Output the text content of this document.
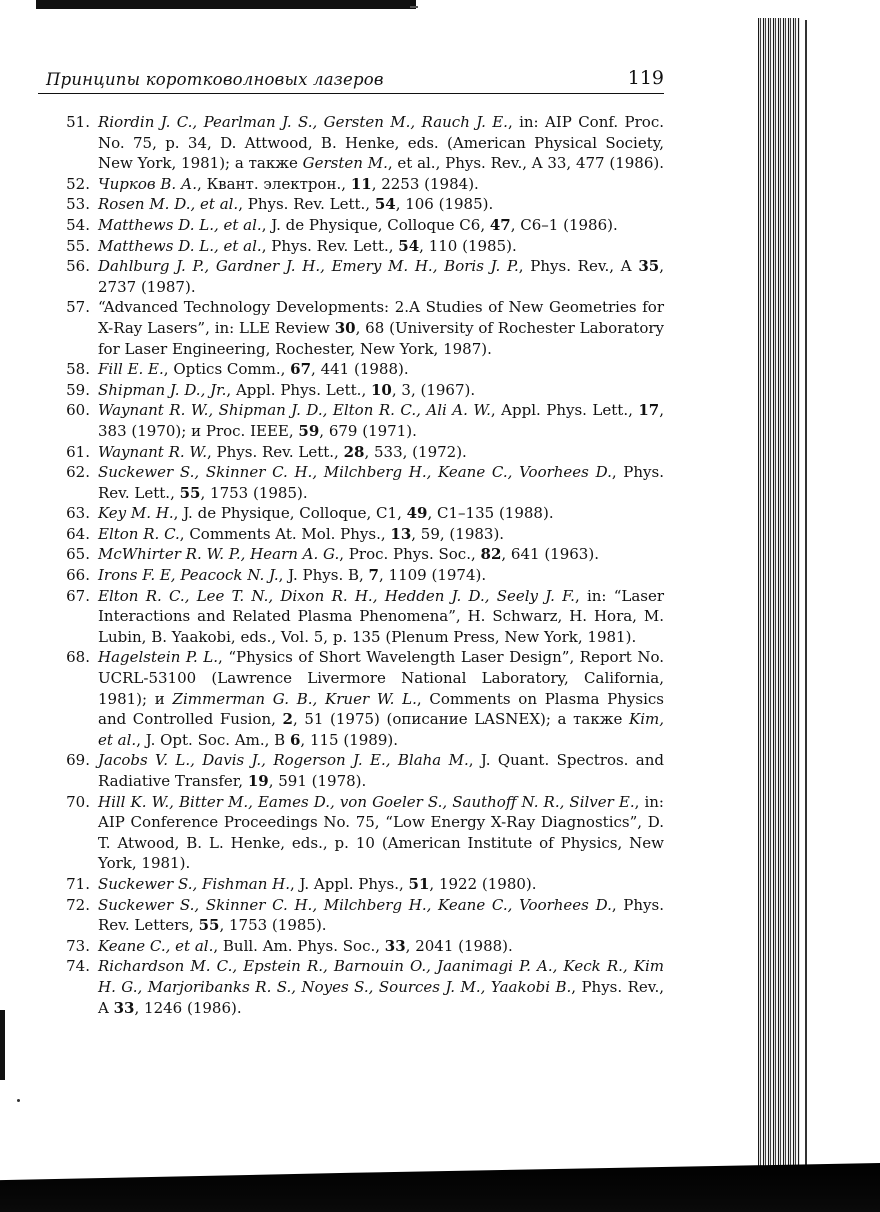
Принципы коротковолновых лазеров	119
51. Riordin J. C., Pearlman J. S., Gersten M., Rauch J. E., in: AIP Conf. Proc. No. 75, p. 34, D. Attwood, B. Henke, eds. (American Physical Society, New York, 1981); а также Gersten M., et al., Phys. Rev., A 33, 477 (1986).
52. Чирков В. А., Квант. электрон., 11, 2253 (1984).
53. Rosen M. D., et al., Phys. Rev. Lett., 54, 106 (1985).
54. Matthews D. L., et al., J. de Physique, Colloque C6, 47, C6–1 (1986).
55. Matthews D. L., et al., Phys. Rev. Lett., 54, 110 (1985).
56. Dahlburg J. P., Gardner J. H., Emery M. H., Boris J. P., Phys. Rev., A 35, 2737 (1987).
57. “Advanced Technology Developments: 2.A Studies of New Geometries for X-Ray Lasers”, in: LLE Review 30, 68 (University of Rochester Laboratory for Laser Engineering, Rochester, New York, 1987).
58. Fill E. E., Optics Comm., 67, 441 (1988).
59. Shipman J. D., Jr., Appl. Phys. Lett., 10, 3, (1967).
60. Waynant R. W., Shipman J. D., Elton R. C., Ali A. W., Appl. Phys. Lett., 17, 383 (1970); и Proc. IEEE, 59, 679 (1971).
61. Waynant R. W., Phys. Rev. Lett., 28, 533, (1972).
62. Suckewer S., Skinner C. H., Milchberg H., Keane C., Voorhees D., Phys. Rev. Lett., 55, 1753 (1985).
63. Key M. H., J. de Physique, Colloque, C1, 49, C1–135 (1988).
64. Elton R. C., Comments At. Mol. Phys., 13, 59, (1983).
65. McWhirter R. W. P., Hearn A. G., Proc. Phys. Soc., 82, 641 (1963).
66. Irons F. E, Peacock N. J., J. Phys. B, 7, 1109 (1974).
67. Elton R. C., Lee T. N., Dixon R. H., Hedden J. D., Seely J. F., in: “Laser Interactions and Related Plasma Phenomena”, H. Schwarz, H. Hora, M. Lubin, B. Yaakobi, eds., Vol. 5, p. 135 (Plenum Press, New York, 1981).
68. Hagelstein P. L., “Physics of Short Wavelength Laser Design”, Report No. UCRL-53100 (Lawrence Livermore National Laboratory, California, 1981); и Zimmerman G. B., Kruer W. L., Comments on Plasma Physics and Controlled Fusion, 2, 51 (1975) (описание LASNEX); а также Kim, et al., J. Opt. Soc. Am., B 6, 115 (1989).
69. Jacobs V. L., Davis J., Rogerson J. E., Blaha M., J. Quant. Spectros. and Radiative Transfer, 19, 591 (1978).
70. Hill K. W., Bitter M., Eames D., von Goeler S., Sauthoff N. R., Silver E., in: AIP Conference Proceedings No. 75, “Low Energy X-Ray Diagnostics”, D. T. Atwood, B. L. Henke, eds., p. 10 (American Institute of Physics, New York, 1981).
71. Suckewer S., Fishman H., J. Appl. Phys., 51, 1922 (1980).
72. Suckewer S., Skinner C. H., Milchberg H., Keane C., Voorhees D., Phys. Rev. Letters, 55, 1753 (1985).
73. Keane C., et al., Bull. Am. Phys. Soc., 33, 2041 (1988).
74. Richardson M. C., Epstein R., Barnouin O., Jaanimagi P. A., Keck R., Kim H. G., Marjoribanks R. S., Noyes S., Sources J. M., Yaakobi B., Phys. Rev., A 33, 1246 (1986).
